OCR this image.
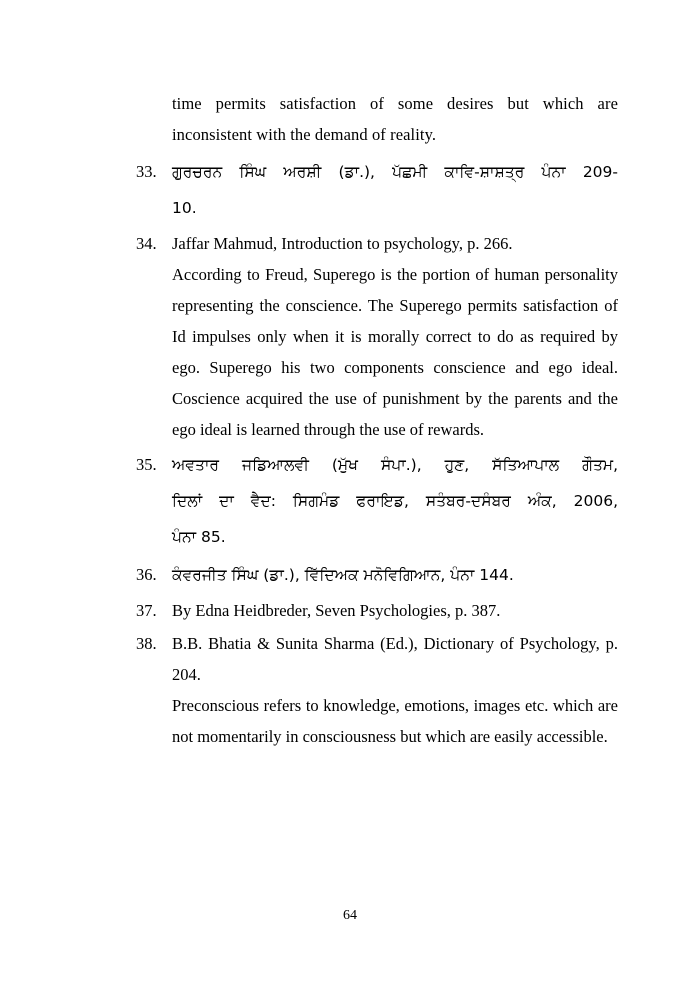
time permits satisfaction of some desires but which are inconsistent with the demand of reality.

33. ਗੁਰਚਰਨ ਸਿੰਘ ਅਰਸ਼ੀ (ਡਾ.), ਪੱਛਮੀ ਕਾਵਿ-ਸ਼ਾਸ਼ਤ੍ਰ ਪੰਨਾ 209-
10.
34. Jaffar Mahmud, Introduction to psychology, p. 266.

According to Freud, Superego is the portion of human personality representing the conscience. The Superego permits satisfaction of Id impulses only when it is morally correct to do as required by ego. Superego his two components conscience and ego ideal. Coscience acquired the use of punishment by the parents and the ego ideal is learned through the use of rewards.

35. ਅਵਤਾਰ ਜਡਿਆਲਵੀ (ਮੁੱਖ ਸੰਪਾ.), ਹੁਣ, ਸੱਤਿਆਪਾਲ ਗੌਤਮ,
ਦਿਲਾਂ ਦਾ ਵੈਦ: ਸਿਗਮੰਡ ਫਰਾਇਡ, ਸਤੰਬਰ-ਦਸੰਬਰ ਅੰਕ, 2006,
ਪੰਨਾ 85.
36. ਕੰਵਰਜੀਤ ਸਿੰਘ (ਡਾ.), ਵਿੱਦਿਅਕ ਮਨੋਵਿਗਿਆਨ, ਪੰਨਾ 144.
37. By Edna Heidbreder, Seven Psychologies, p. 387.
38. B.B. Bhatia & Sunita Sharma (Ed.), Dictionary of Psychology, p. 204.

Preconscious refers to knowledge, emotions, images etc. which are not momentarily in consciousness but which are easily accessible.

64
